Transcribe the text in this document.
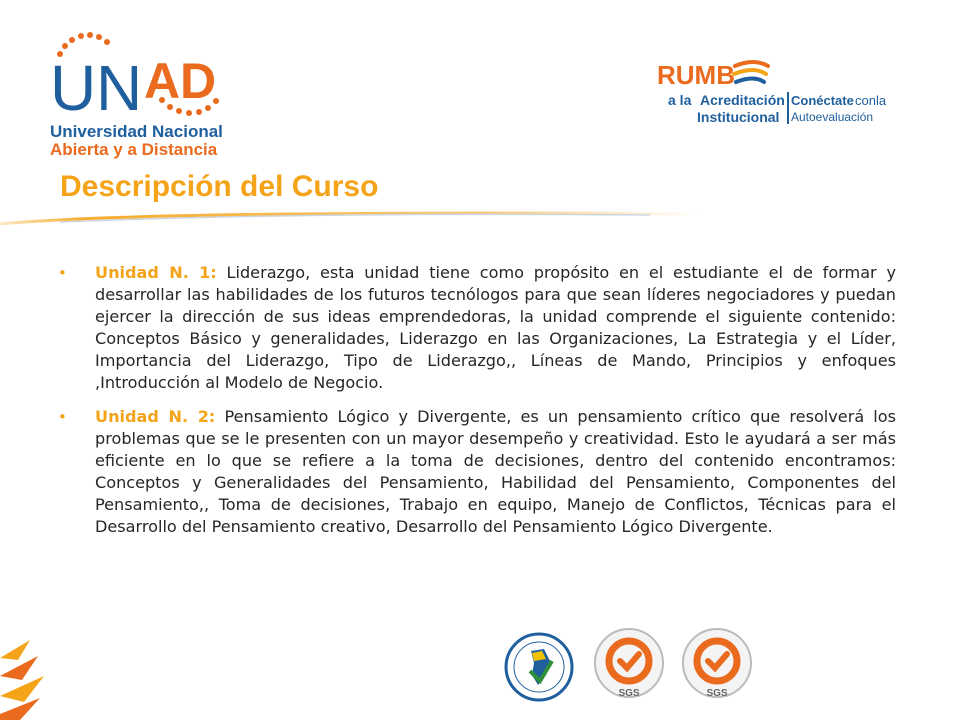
U N A D
Universidad Nacional
Abierta y a Distancia
RUMB
a la Acreditación
Institucional
Conéctate conla
Autoevaluación
Descripción del Curso
• Unidad N. 1: Liderazgo, esta unidad tiene como propósito en el estudiante el de formar y desarrollar las habilidades de los futuros tecnólogos para que sean líderes negociadores y puedan ejercer la dirección de sus ideas emprendedoras, la unidad comprende el siguiente contenido: Conceptos Básico y generalidades, Liderazgo en las Organizaciones, La Estrategia y el Líder, Importancia del Liderazgo, Tipo de Liderazgo,, Líneas de Mando, Principios y enfoques ,Introducción al Modelo de Negocio.
• Unidad N. 2: Pensamiento Lógico y Divergente, es un pensamiento crítico que resolverá los problemas que se le presenten con un mayor desempeño y creatividad. Esto le ayudará a ser más eficiente en lo que se refiere a la toma de decisiones, dentro del contenido encontramos: Conceptos y Generalidades del Pensamiento, Habilidad del Pensamiento, Componentes del Pensamiento,, Toma de decisiones, Trabajo en equipo, Manejo de Conflictos, Técnicas para el Desarrollo del Pensamiento creativo, Desarrollo del Pensamiento Lógico Divergente.
SGS	SGS
